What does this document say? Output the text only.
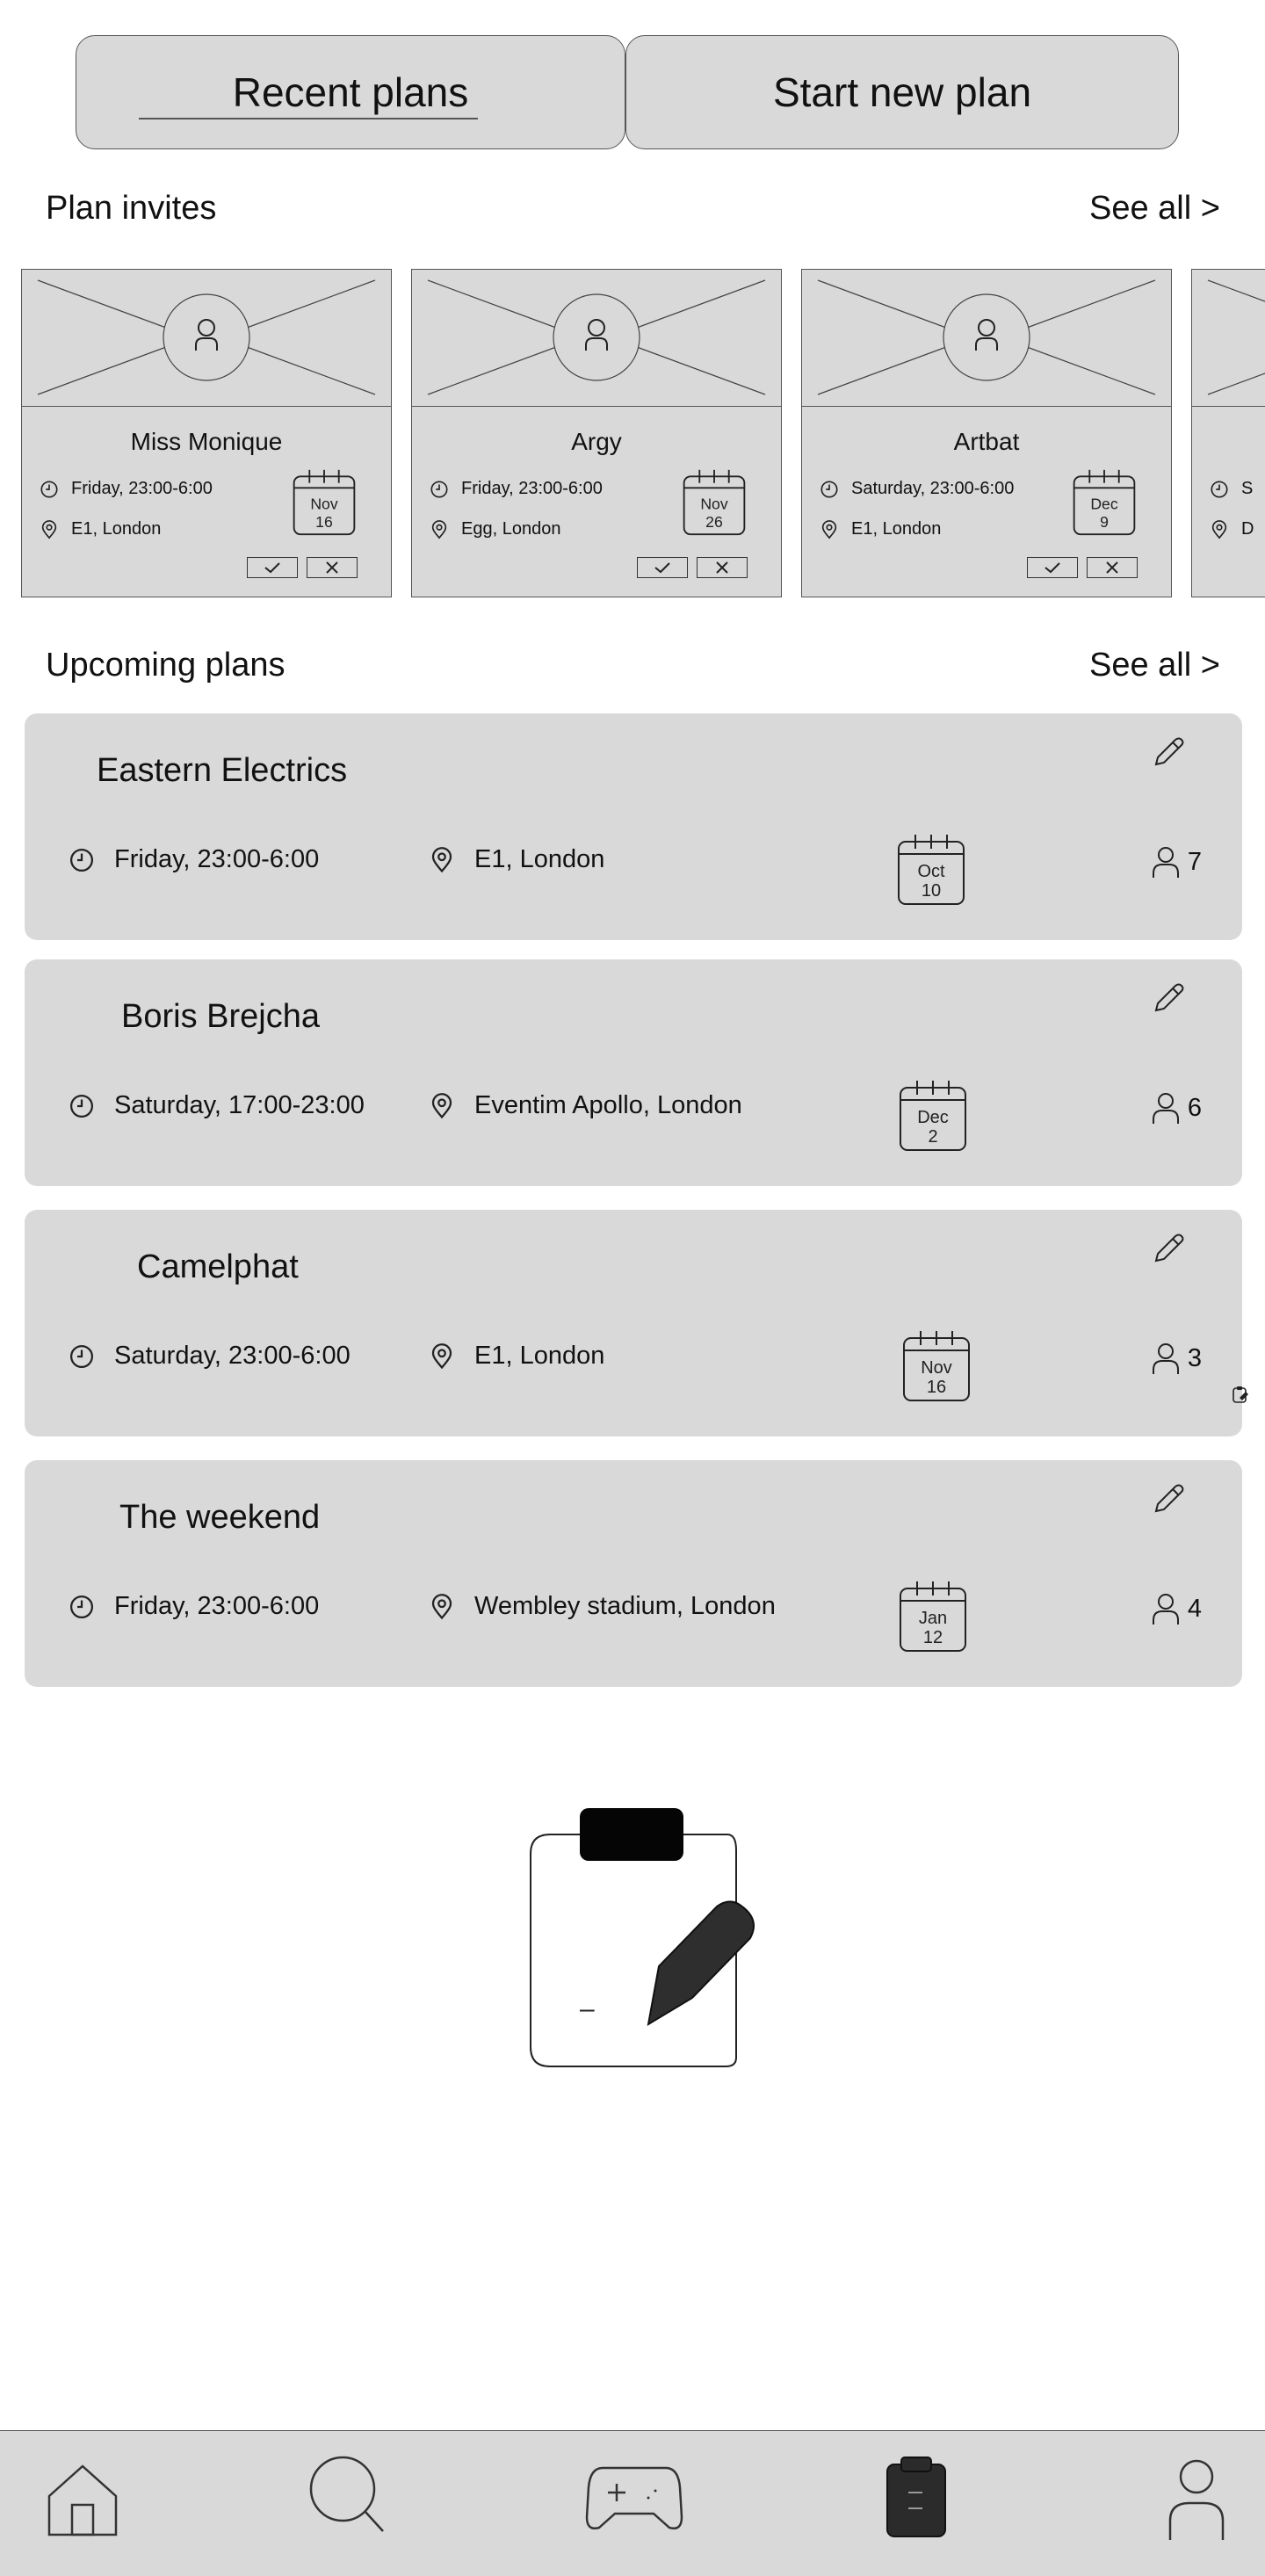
Recent plans	Start new plan
Plan invites	See all >
Miss Monique
Friday, 23:00-6:00
E1, London
Nov
16
Argy
Friday, 23:00-6:00
Egg, London
Nov
26
Artbat
Saturday, 23:00-6:00
E1, London
Dec
9
S
D
Upcoming plans	See all >
Eastern Electrics
Friday, 23:00-6:00	E1, London	Oct
10
7
Boris Brejcha
Saturday, 17:00-23:00	Eventim Apollo, London	Dec
2
6
Camelphat
Saturday, 23:00-6:00	E1, London	Nov
16
3
The weekend
Friday, 23:00-6:00	Wembley stadium, London	Jan
12
4
–
